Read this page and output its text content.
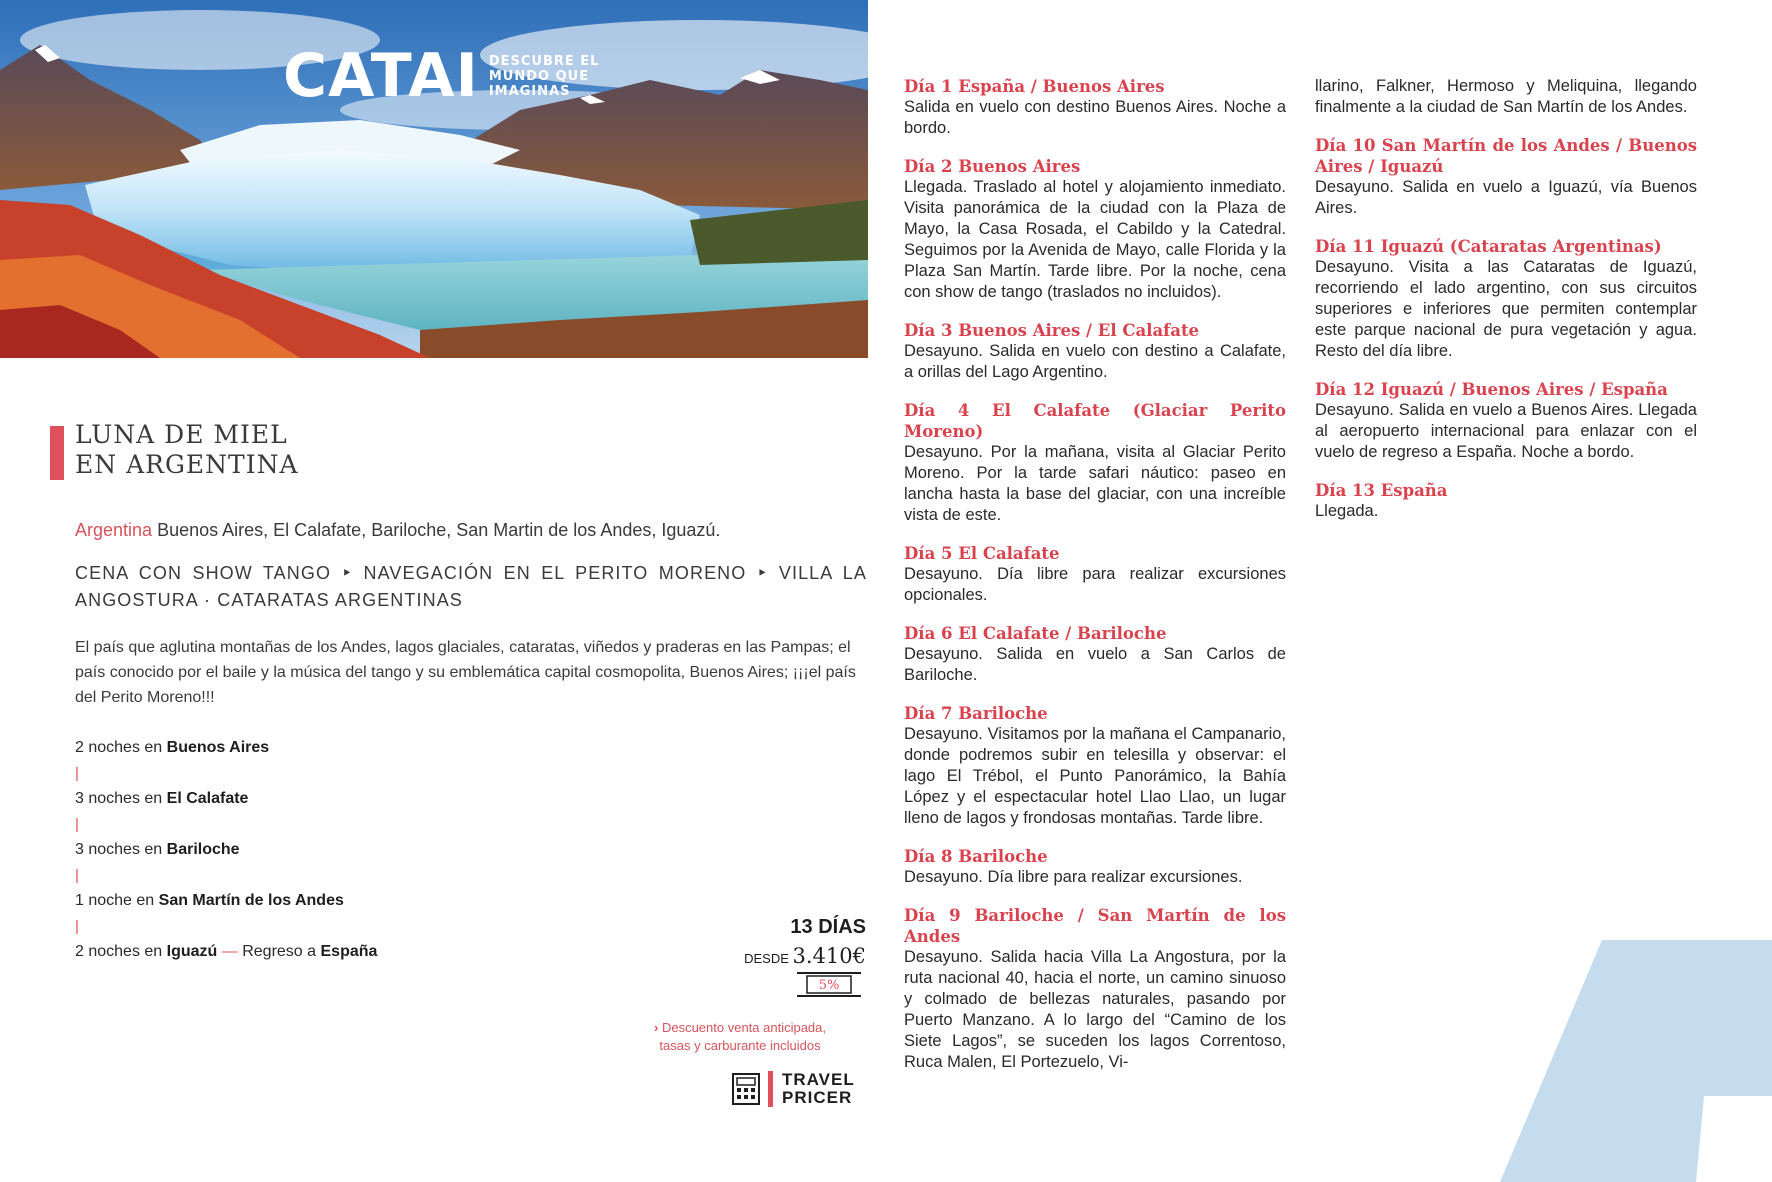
CATAI DESCUBRE EL
MUNDO QUE
IMAGINAS
LUNA DE MIEL
EN ARGENTINA
Argentina Buenos Aires, El Calafate, Bariloche, San Martin de los Andes, Iguazú.
CENA CON SHOW TANGO ‣ NAVEGACIÓN EN EL PERITO MORENO ‣ VILLA LA ANGOSTURA · CATARATAS ARGENTINAS
El país que aglutina montañas de los Andes, lagos glaciales, cataratas, viñedos y praderas en las Pampas; el país conocido por el baile y la música del tango y su emblemática capital cosmopolita, Buenos Aires; ¡¡¡el país del Perito Moreno!!!
2 noches en Buenos Aires
|
3 noches en El Calafate
|
3 noches en Bariloche
|
1 noche en San Martín de los Andes
|
2 noches en Iguazú — Regreso a España
13 DÍAS
DESDE 3.410€
5%
› Descuento venta anticipada,
tasas y carburante incluidos
TRAVEL
PRICER
Día 1 España / Buenos Aires

Salida en vuelo con destino Buenos Aires. Noche a bordo.

Día 2 Buenos Aires

Llegada. Traslado al hotel y alojamiento inmediato. Visita panorámica de la ciudad con la Plaza de Mayo, la Casa Rosada, el Cabildo y la Catedral. Seguimos por la Avenida de Mayo, calle Florida y la Plaza San Martín. Tarde libre. Por la noche, cena con show de tango (traslados no incluidos).

Día 3 Buenos Aires / El Calafate

Desayuno. Salida en vuelo con destino a Calafate, a orillas del Lago Argentino.

Día 4 El Calafate (Glaciar Perito Moreno)

Desayuno. Por la mañana, visita al Glaciar Perito Moreno. Por la tarde safari náutico: paseo en lancha hasta la base del glaciar, con una increíble vista de este.

Día 5 El Calafate

Desayuno. Día libre para realizar excursiones opcionales.

Día 6 El Calafate / Bariloche

Desayuno. Salida en vuelo a San Carlos de Bariloche.

Día 7 Bariloche

Desayuno. Visitamos por la mañana el Campanario, donde podremos subir en telesilla y observar: el lago El Trébol, el Punto Panorámico, la Bahía López y el espectacular hotel Llao Llao, un lugar lleno de lagos y frondosas montañas. Tarde libre.

Día 8 Bariloche

Desayuno. Día libre para realizar excursiones.

Día 9 Bariloche / San Martín de los Andes

Desayuno. Salida hacia Villa La Angostura, por la ruta nacional 40, hacia el norte, un camino sinuoso y colmado de bellezas naturales, pasando por Puerto Manzano. A lo largo del “Camino de los Siete Lagos”, se suceden los lagos Correntoso, Ruca Malen, El Portezuelo, Vi-

llarino, Falkner, Hermoso y Meliquina, llegando finalmente a la ciudad de San Martín de los Andes.

Día 10 San Martín de los Andes / Buenos Aires / Iguazú

Desayuno. Salida en vuelo a Iguazú, vía Buenos Aires.

Día 11 Iguazú (Cataratas Argentinas)

Desayuno. Visita a las Cataratas de Iguazú, recorriendo el lado argentino, con sus circuitos superiores e inferiores que permiten contemplar este parque nacional de pura vegetación y agua. Resto del día libre.

Día 12 Iguazú / Buenos Aires / España

Desayuno. Salida en vuelo a Buenos Aires. Llegada al aeropuerto internacional para enlazar con el vuelo de regreso a España. Noche a bordo.

Día 13 España

Llegada.
